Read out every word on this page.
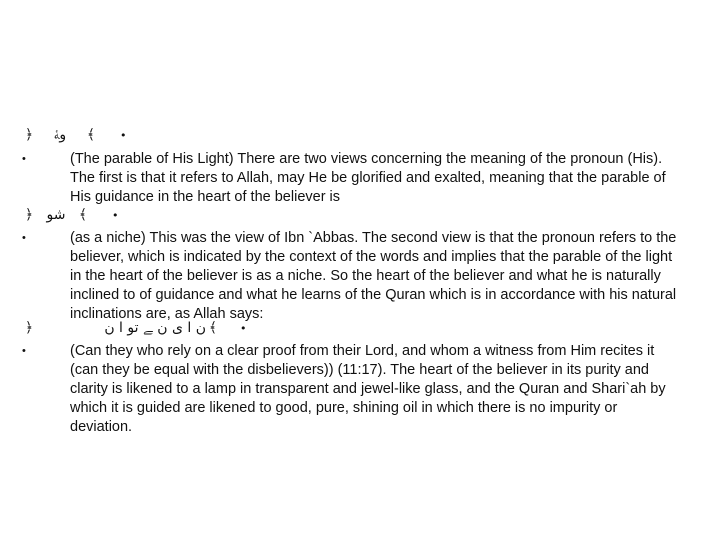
﴿ وﮥ ﴾ •
•	(The parable of His Light) There are two views concerning the meaning of the pronoun (His). The first is that it refers to Allah, may He be glorified and exalted, meaning that the parable of His guidance in the heart of the believer is
﴿ ﺷﻮ ﴾ •
•	(as a niche) This was the view of Ibn `Abbas. The second view is that the pronoun refers to the believer, which is indicated by the context of the words and implies that the parable of the light in the heart of the believer is as a niche. So the heart of the believer and what he is naturally inclined to of guidance and what he learns of the Quran which is in accordance with his natural inclinations are, as Allah says:
﴿	ﻥ ﺍ ﻯ ﻥ ﮯ ﺗﻮ ﺍ ﻥ ﴾ •
•	(Can they who rely on a clear proof from their Lord, and whom a witness from Him recites it (can they be equal with the disbelievers)) (11:17). The heart of the believer in its purity and clarity is likened to a lamp in transparent and jewel-like glass, and the Quran and Shari`ah by which it is guided are likened to good, pure, shining oil in which there is no impurity or deviation.
